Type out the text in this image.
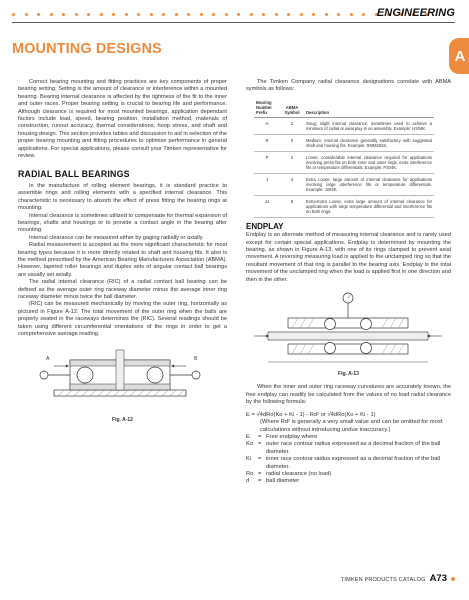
ENGINEERING
A
MOUNTING DESIGNS

Correct bearing mounting and fitting practices are key components of proper bearing setting. Setting is the amount of clearance or interference within a mounted bearing. Bearing internal clearance is affected by the tightness of the fit to the inner and outer races. Proper bearing setting is crucial to bearing life and performance. Although clearance is required for most mounted bearings, application dependant factors include load, speed, bearing position, installation method, materials of construction, runout accuracy, thermal considerations, hoop stress, and shaft and housing design. This section provides tables and discussion to aid in selection of the proper bearing mounting and fitting procedures to optimize performance in general applications. For special applications, please consult your Timken representative for review.

RADIAL BALL BEARINGS

In the manufacture of rolling element bearings, it is standard practice to assemble rings and rolling elements with a specified internal clearance. This characteristic is necessary to absorb the effect of press fitting the bearing rings at mounting.

Internal clearance is sometimes utilized to compensate for thermal expansion of bearings, shafts and housings or to provide a contact angle in the bearing after mounting.

Internal clearance can be measured either by gaging radially or axially.

Radial measurement is accepted as the more significant characteristic for most bearing types because it is more directly related to shaft and housing fits. It also is the method prescribed by the American Bearing Manufacturers Association (ABMA). However, tapered roller bearings and duplex sets of angular contact ball bearings are usually set axially.

The radial internal clearance (RIC) of a radial contact ball bearing can be defined as the average outer ring raceway diameter minus the average inner ring raceway diameter minus twice the ball diameter.

(RIC) can be measured mechanically by moving the outer ring, horizontally as pictured in Figure A-12. The total movement of the outer ring when the balls are properly seated in the raceways determines the (RIC). Several readings should be taken using different circumferential orientations of the rings in order to get a comprehensive average reading.

A	B
Fig. A-12

The Timken Company radial clearance designations correlate with ABMA symbols as follows:

Bearing Number Prefix	ABMA Symbol	Description
H	2	Snug; slight internal clearance; sometimes used to achieve a minimum of radial or axial play in an assembly. Example: H204K.
R	0	Medium; internal clearance generally satisfactory with suggested shaft and housing fits. Example: RMM204K.
P	3	Loose; considerable internal clearance required for applications involving press fits on both inner and outer rings, extra interference fits or temperature differentials. Example: P204K.
J	4	Extra Loose; large amount of internal clearance for applications involving large interference fits or temperature differentials. Example: J204K.
JJ	5	Extra-Extra Loose; extra large amount of internal clearance for applications with large temperature differential and interference fits on both rings.
ENDPLAY

Endplay is an alternate method of measuring internal clearance and is rarely used except for certain special applications. Endplay is determined by mounting the bearing, as shown in Figure A-13, with one of its rings clamped to prevent axial movement. A reversing measuring load is applied to the unclamped ring so that the resultant movement of that ring is parallel to the bearing axis. Endplay is the total movement of the unclamped ring when the load is applied first in one direction and then in the other.

Fig. A-13

When the inner and outer ring raceway curvatures are accurately known, the free endplay can readily be calculated from the values of no load radial clearance by the following formula:

E = √4dRo(Ko + Ki - 1) - Rd² or √4dRo(Ko + Ki - 1)
(Where Rd² is generally a very small value and can be omitted for most calculations without introducing undue inaccuracy.)
E	= Free endplay where
Ko = outer race contour radius expressed as a decimal fraction of the ball diameter.
Ki	= inner race contour radius expressed as a decimal fraction of the ball diameter.
Ro = radial clearance (no load)
d	= ball diameter
TIMKEN PRODUCTS CATALOG A73
